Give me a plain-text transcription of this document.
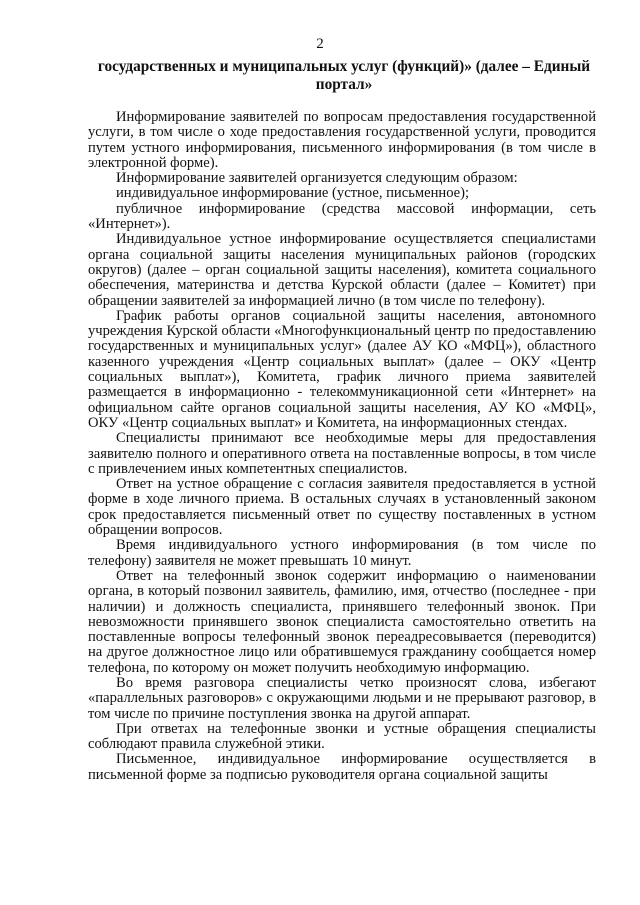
2
государственных и муниципальных услуг (функций)» (далее – Единый портал»

Информирование заявителей по вопросам предоставления государственной услуги, в том числе о ходе предоставления государственной услуги, проводится путем устного информирования, письменного информирования (в том числе в электронной форме).

Информирование заявителей организуется следующим образом:

индивидуальное информирование (устное, письменное);

публичное информирование (средства массовой информации, сеть «Интернет»).

Индивидуальное устное информирование осуществляется специалистами органа социальной защиты населения муниципальных районов (городских округов) (далее – орган социальной защиты населения), комитета социального обеспечения, материнства и детства Курской области (далее – Комитет) при обращении заявителей за информацией лично (в том числе по телефону).

График работы органов социальной защиты населения, автономного учреждения Курской области «Многофункциональный центр по предоставлению государственных и муниципальных услуг» (далее АУ КО «МФЦ»), областного казенного учреждения «Центр социальных выплат» (далее – ОКУ «Центр социальных выплат»), Комитета, график личного приема заявителей размещается в информационно - телекоммуникационной сети «Интернет» на официальном сайте органов социальной защиты населения, АУ КО «МФЦ», ОКУ «Центр социальных выплат» и Комитета, на информационных стендах.

Специалисты принимают все необходимые меры для предоставления заявителю полного и оперативного ответа на поставленные вопросы, в том числе с привлечением иных компетентных специалистов.

Ответ на устное обращение с согласия заявителя предоставляется в устной форме в ходе личного приема. В остальных случаях в установленный законом срок предоставляется письменный ответ по существу поставленных в устном обращении вопросов.

Время индивидуального устного информирования (в том числе по телефону) заявителя не может превышать 10 минут.

Ответ на телефонный звонок содержит информацию о наименовании органа, в который позвонил заявитель, фамилию, имя, отчество (последнее - при наличии) и должность специалиста, принявшего телефонный звонок. При невозможности принявшего звонок специалиста самостоятельно ответить на поставленные вопросы телефонный звонок переадресовывается (переводится) на другое должностное лицо или обратившемуся гражданину сообщается номер телефона, по которому он может получить необходимую информацию.

Во время разговора специалисты четко произносят слова, избегают «параллельных разговоров» с окружающими людьми и не прерывают разговор, в том числе по причине поступления звонка на другой аппарат.

При ответах на телефонные звонки и устные обращения специалисты соблюдают правила служебной этики.

Письменное, индивидуальное информирование осуществляется в письменной форме за подписью руководителя органа социальной защиты
